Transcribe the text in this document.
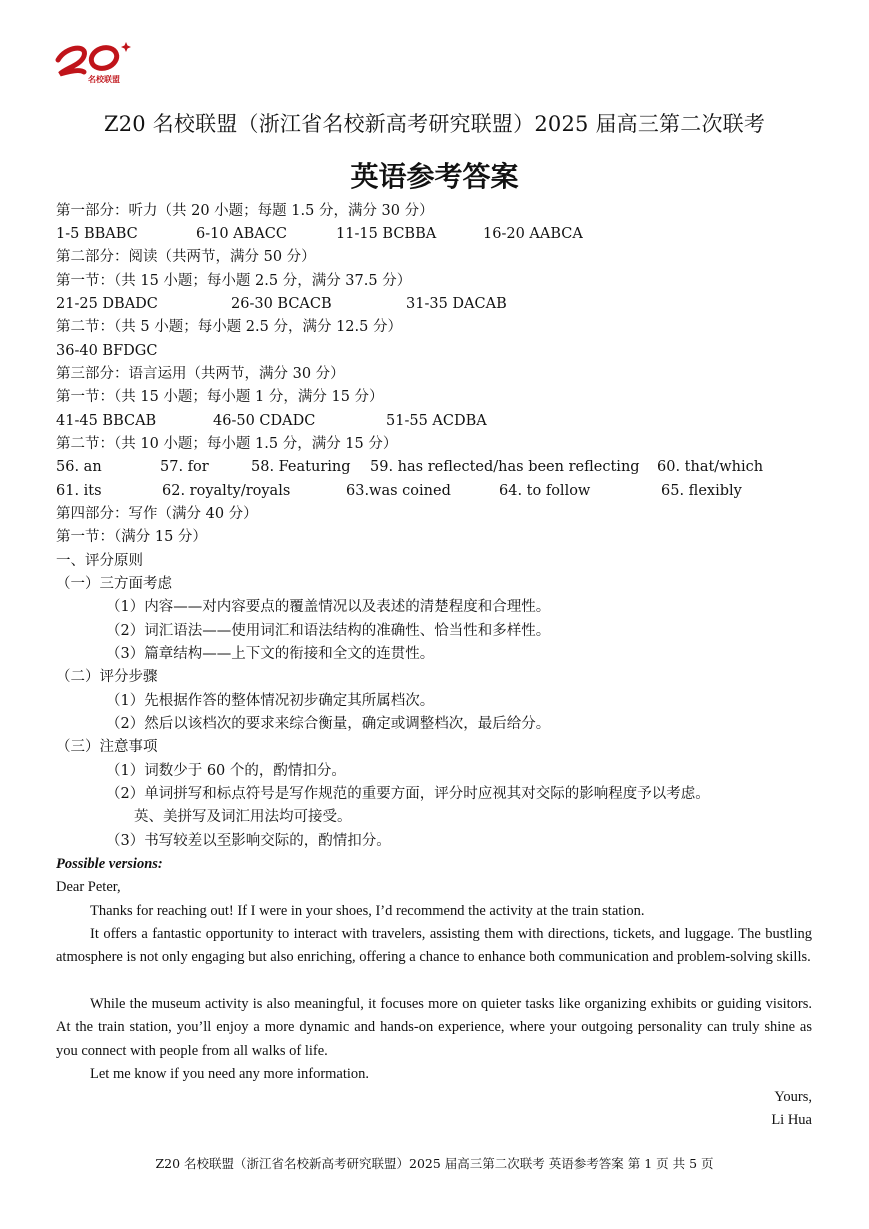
名校联盟
Z20 名校联盟（浙江省名校新高考研究联盟）2025 届高三第二次联考
英语参考答案
第一部分：听力（共 20 小题；每题 1.5 分，满分 30 分）
1-5 BBABC	6-10 ABACC	11-15 BCBBA	16-20 AABCA
第二部分：阅读（共两节，满分 50 分）
第一节：（共 15 小题；每小题 2.5 分，满分 37.5 分）
21-25 DBADC	26-30 BCACB	31-35 DACAB
第二节：（共 5 小题；每小题 2.5 分，满分 12.5 分）
36-40 BFDGC
第三部分：语言运用（共两节，满分 30 分）
第一节：（共 15 小题；每小题 1 分，满分 15 分）
41-45 BBCAB	46-50 CDADC	51-55 ACDBA
第二节：（共 10 小题；每小题 1.5 分，满分 15 分）
56. an	57. for	58. Featuring 59. has reflected/has been reflecting 60. that/which
61. its	62. royalty/royals	63.was coined	64. to follow	65. flexibly
第四部分：写作（满分 40 分）
第一节：（满分 15 分）
一、评分原则
（一）三方面考虑
（1）内容——对内容要点的覆盖情况以及表述的清楚程度和合理性。
（2）词汇语法——使用词汇和语法结构的准确性、恰当性和多样性。
（3）篇章结构——上下文的衔接和全文的连贯性。
（二）评分步骤
（1）先根据作答的整体情况初步确定其所属档次。
（2）然后以该档次的要求来综合衡量，确定或调整档次，最后给分。
（三）注意事项
（1）词数少于 60 个的，酌情扣分。
（2）单词拼写和标点符号是写作规范的重要方面，评分时应视其对交际的影响程度予以考虑。
英、美拼写及词汇用法均可接受。
（3）书写较差以至影响交际的，酌情扣分。
Possible versions:
Dear Peter,
Thanks for reaching out! If I were in your shoes, I’d recommend the activity at the train station.
It offers a fantastic opportunity to interact with travelers, assisting them with directions, tickets, and luggage. The bustling atmosphere is not only engaging but also enriching, offering a chance to enhance both communication and problem-solving skills.
While the museum activity is also meaningful, it focuses more on quieter tasks like organizing exhibits or guiding visitors. At the train station, you’ll enjoy a more dynamic and hands-on experience, where your outgoing personality can truly shine as you connect with people from all walks of life.
Let me know if you need any more information.
Yours,
Li Hua
Z20 名校联盟（浙江省名校新高考研究联盟）2025 届高三第二次联考 英语参考答案 第 1 页 共 5 页
